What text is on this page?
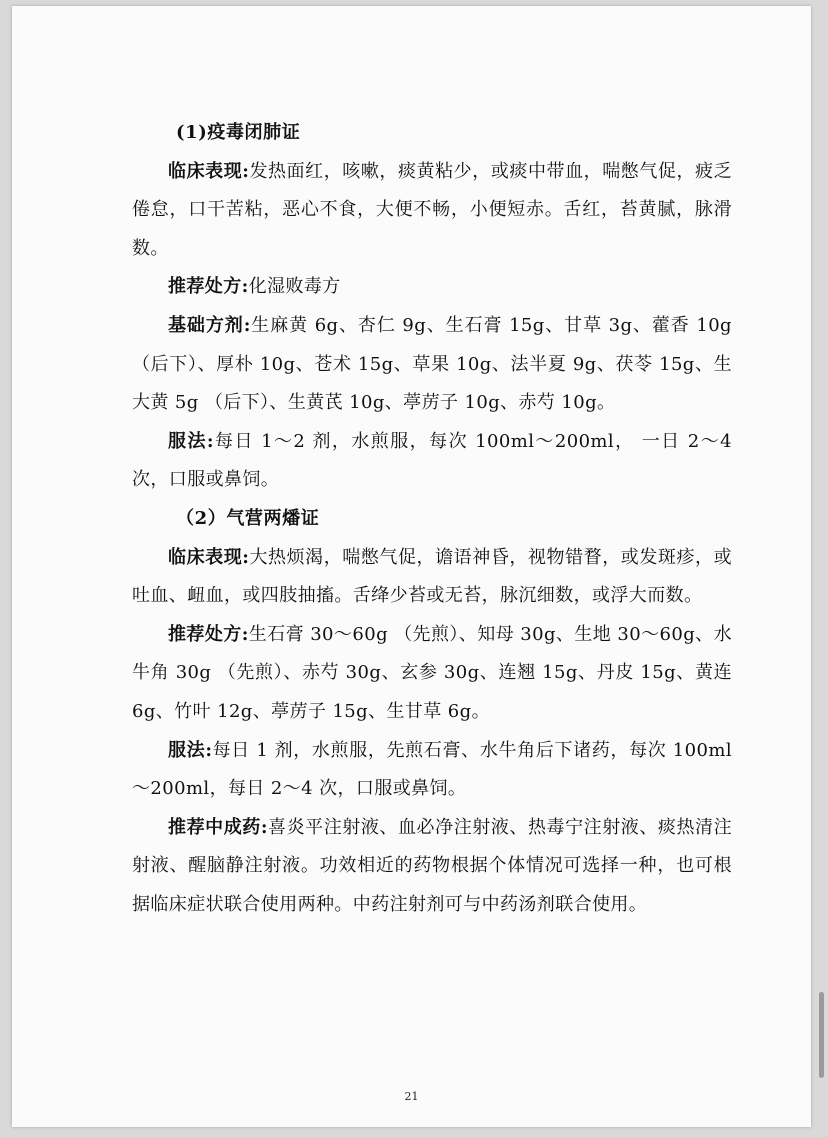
(1)疫毒闭肺证

临床表现:发热面红，咳嗽，痰黄粘少，或痰中带血，喘憋气促，疲乏倦怠，口干苦粘，恶心不食，大便不畅，小便短赤。舌红，苔黄腻，脉滑数。

推荐处方:化湿败毒方

基础方剂:生麻黄 6g、杏仁 9g、生石膏 15g、甘草 3g、藿香 10g （后下）、厚朴 10g、苍术 15g、草果 10g、法半夏 9g、茯苓 15g、生大黄 5g （后下）、生黄芪 10g、葶苈子 10g、赤芍 10g。

服法:每日 1～2 剂，水煎服，每次 100ml～200ml， 一日 2～4 次，口服或鼻饲。

（2）气营两燔证

临床表现:大热烦渴，喘憋气促，谵语神昏，视物错瞀，或发斑疹，或吐血、衄血，或四肢抽搐。舌绛少苔或无苔，脉沉细数，或浮大而数。

推荐处方:生石膏 30～60g （先煎）、知母 30g、生地 30～60g、水牛角 30g （先煎）、赤芍 30g、玄参 30g、连翘 15g、丹皮 15g、黄连 6g、竹叶 12g、葶苈子 15g、生甘草 6g。

服法:每日 1 剂，水煎服，先煎石膏、水牛角后下诸药，每次 100ml～200ml，每日 2～4 次，口服或鼻饲。

推荐中成药:喜炎平注射液、血必净注射液、热毒宁注射液、痰热清注射液、醒脑静注射液。功效相近的药物根据个体情况可选择一种，也可根据临床症状联合使用两种。中药注射剂可与中药汤剂联合使用。

21
